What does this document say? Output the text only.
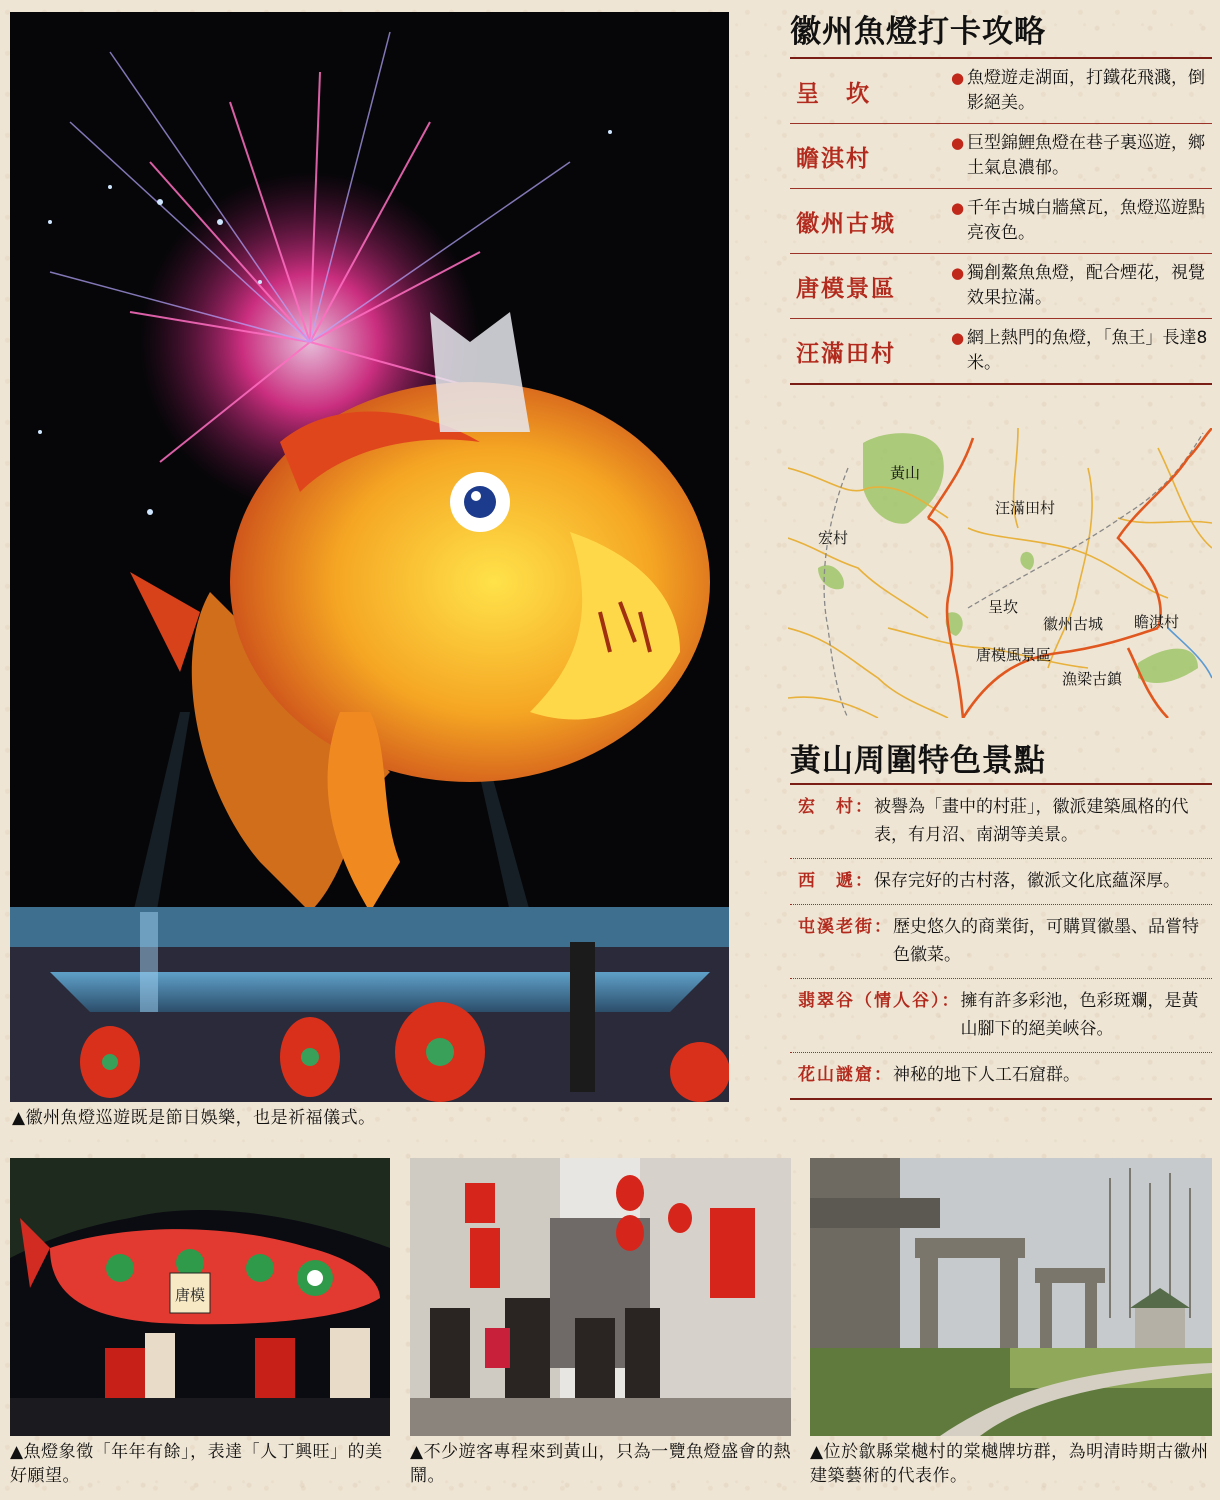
▲徽州魚燈巡遊既是節日娛樂，也是祈福儀式。
徽州魚燈打卡攻略
呈　坎
● 魚燈遊走湖面，打鐵花飛濺，倒影絕美。
瞻淇村
● 巨型錦鯉魚燈在巷子裏巡遊，鄉土氣息濃郁。
徽州古城
● 千年古城白牆黛瓦，魚燈巡遊點亮夜色。
唐模景區
● 獨創鰲魚魚燈，配合煙花，視覺效果拉滿。
汪滿田村
● 網上熱門的魚燈，「魚王」長達8米。
黃山
汪滿田村
宏村
呈坎
徽州古城 瞻淇村
唐模風景區
漁梁古鎮
黃山周圍特色景點
宏　村： 被譽為「畫中的村莊」，徽派建築風格的代表，有月沼、南湖等美景。
西　遞： 保存完好的古村落，徽派文化底蘊深厚。
屯溪老街： 歷史悠久的商業街，可購買徽墨、品嘗特色徽菜。
翡翠谷（情人谷）： 擁有許多彩池，色彩斑斕，是黃山腳下的絕美峽谷。
花山謎窟： 神秘的地下人工石窟群。
唐模
▲魚燈象徵「年年有餘」，表達「人丁興旺」的美好願望。
▲不少遊客專程來到黃山，只為一覽魚燈盛會的熱鬧。
▲位於歙縣棠樾村的棠樾牌坊群，為明清時期古徽州建築藝術的代表作。
